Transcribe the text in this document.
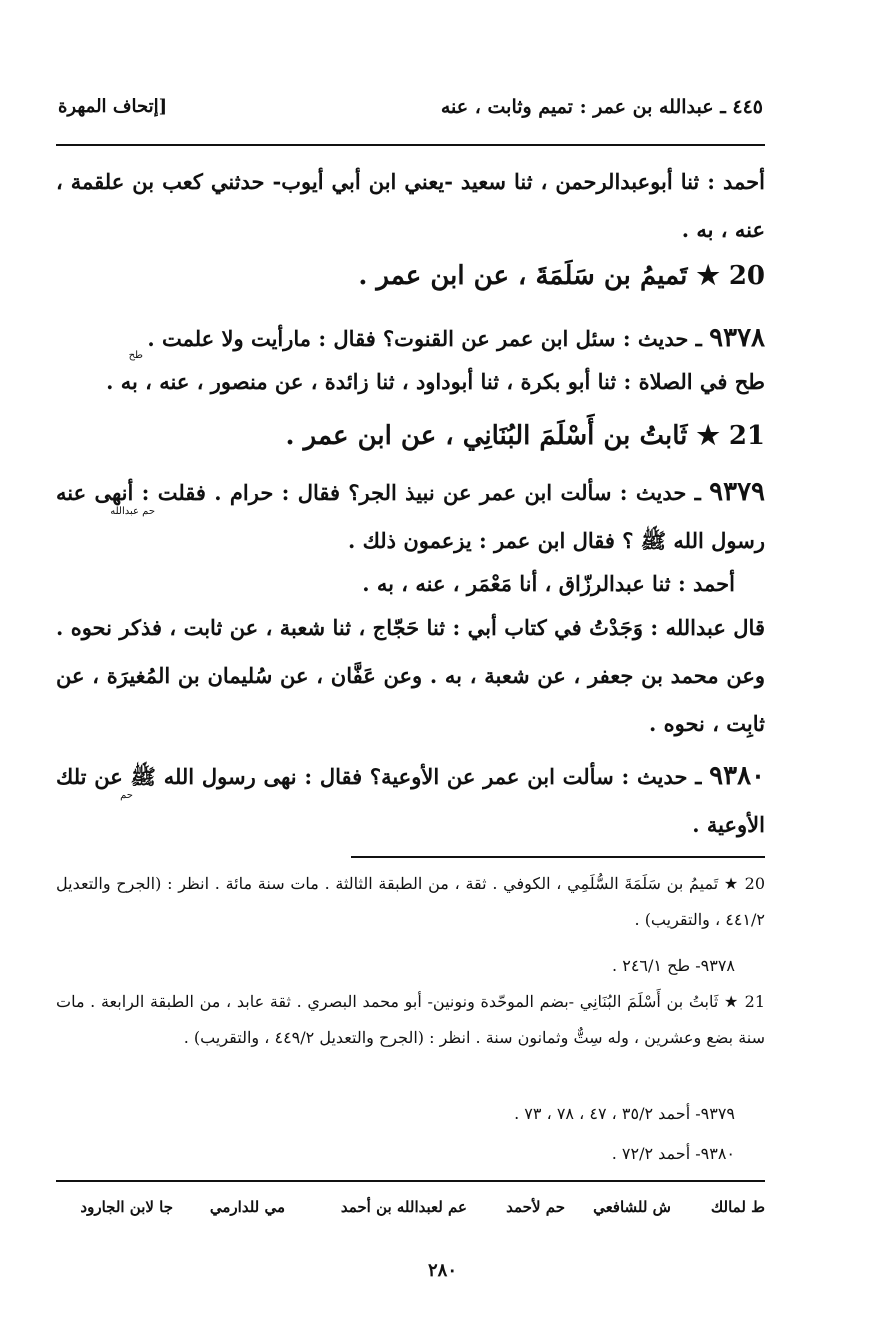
٤٤٥ ـ عبدالله بن عمر : تميم وثابت ، عنه
[إتحاف المهرة
أحمد : ثنا أبوعبدالرحمن ، ثنا سعيد -يعني ابن أبي أيوب- حدثني كعب بن علقمة ، عنه ، به .
20 ★ تَميمُ بن سَلَمَةَ ، عن ابن عمر .
٩٣٧٨ ـ حديث : سئل ابن عمر عن القنوت؟ فقال : مارأيت ولا علمت .
طح
طح في الصلاة : ثنا أبو بكرة ، ثنا أبوداود ، ثنا زائدة ، عن منصور ، عنه ، به .
21 ★ ثَابتُ بن أَسْلَمَ البُنَانِي ، عن ابن عمر .
٩٣٧٩ ـ حديث : سألت ابن عمر عن نبيذ الجر؟ فقال : حرام . فقلت : أنهى عنه رسول الله ﷺ ؟ فقال ابن عمر : يزعمون ذلك .
حم عبدالله
أحمد : ثنا عبدالرزّاق ، أنا مَعْمَر ، عنه ، به .
قال عبدالله : وَجَدْتُ في كتاب أبي : ثنا حَجّاج ، ثنا شعبة ، عن ثابت ، فذكر نحوه . وعن محمد بن جعفر ، عن شعبة ، به . وعن عَفَّان ، عن سُليمان بن المُغيرَة ، عن ثابِت ، نحوه .
٩٣٨٠ ـ حديث : سألت ابن عمر عن الأوعية؟ فقال : نهى رسول الله ﷺ عن تلك الأوعية .
حم
20 ★ تَميمُ بن سَلَمَةَ السُّلَمِي ، الكوفي . ثقة ، من الطبقة الثالثة . مات سنة مائة . انظر : (الجرح والتعديل ٤٤١/٢ ، والتقريب) .
٩٣٧٨- طح ٢٤٦/١ .
21 ★ ثَابتُ بن أَسْلَمَ البُنَانِي -بضم الموحّدة ونونين- أبو محمد البصري . ثقة عابد ، من الطبقة الرابعة . مات سنة بضع وعشرين ، وله سِتٌّ وثمانون سنة . انظر : (الجرح والتعديل ٤٤٩/٢ ، والتقريب) .
٩٣٧٩- أحمد ٣٥/٢ ، ٤٧ ، ٧٨ ، ٧٣ .
٩٣٨٠- أحمد ٧٢/٢ .
ط لمالك
ش للشافعي
حم لأحمد
عم لعبدالله بن أحمد
مي للدارمي
جا لابن الجارود
٢٨٠
